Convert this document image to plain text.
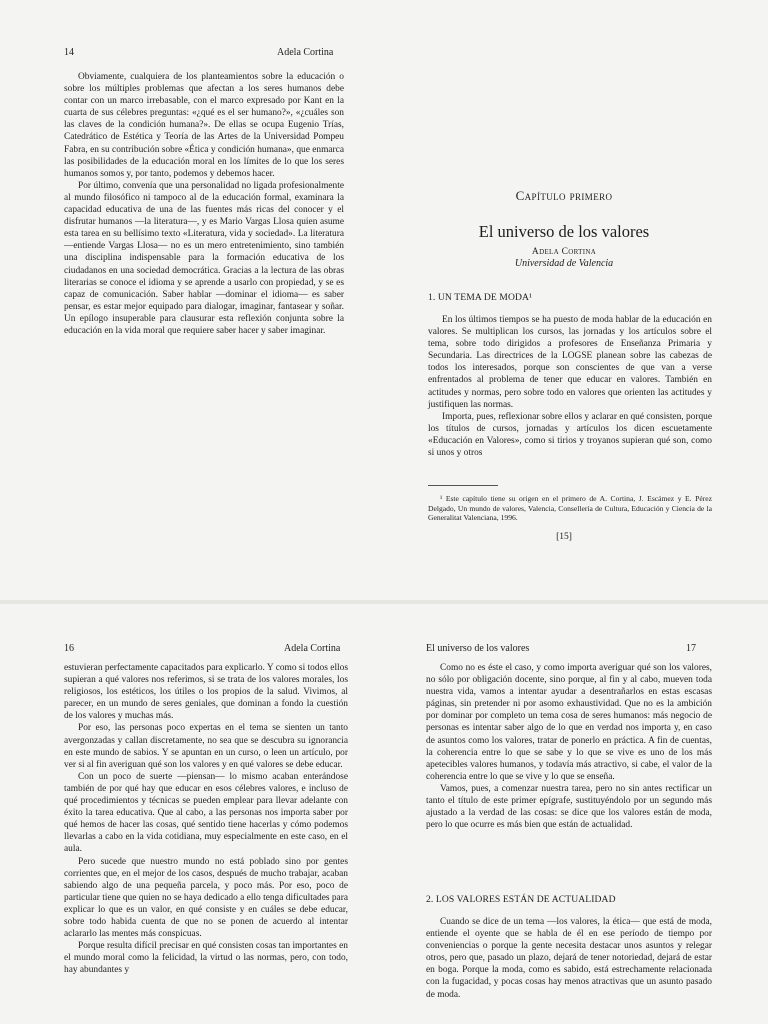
14	Adela Cortina
Obviamente, cualquiera de los planteamientos sobre la educación o sobre los múltiples problemas que afectan a los seres humanos debe contar con un marco irrebasable, con el marco expresado por Kant en la cuarta de sus célebres preguntas: «¿qué es el ser humano?», «¿cuáles son las claves de la condición humana?». De ellas se ocupa Eugenio Trías, Catedrático de Estética y Teoría de las Artes de la Universidad Pompeu Fabra, en su contribución sobre «Ética y condición humana», que enmarca las posibilidades de la educación moral en los límites de lo que los seres humanos somos y, por tanto, podemos y debemos hacer.
Por último, convenía que una personalidad no ligada profesionalmente al mundo filosófico ni tampoco al de la educación formal, examinara la capacidad educativa de una de las fuentes más ricas del conocer y el disfrutar humanos —la literatura—, y es Mario Vargas Llosa quien asume esta tarea en su bellísimo texto «Literatura, vida y sociedad». La literatura —entiende Vargas Llosa— no es un mero entretenimiento, sino también una disciplina indispensable para la formación educativa de los ciudadanos en una sociedad democrática. Gracias a la lectura de las obras literarias se conoce el idioma y se aprende a usarlo con propiedad, y se es capaz de comunicación. Saber hablar —dominar el idioma— es saber pensar, es estar mejor equipado para dialogar, imaginar, fantasear y soñar. Un epílogo insuperable para clausurar esta reflexión conjunta sobre la educación en la vida moral que requiere saber hacer y saber imaginar.
Capítulo primero
El universo de los valores
Adela Cortina
Universidad de Valencia
1. UN TEMA DE MODA¹
En los últimos tiempos se ha puesto de moda hablar de la educación en valores. Se multiplican los cursos, las jornadas y los artículos sobre el tema, sobre todo dirigidos a profesores de Enseñanza Primaria y Secundaria. Las directrices de la LOGSE planean sobre las cabezas de todos los interesados, porque son conscientes de que van a verse enfrentados al problema de tener que educar en valores. También en actitudes y normas, pero sobre todo en valores que orienten las actitudes y justifiquen las normas.
Importa, pues, reflexionar sobre ellos y aclarar en qué consisten, porque los títulos de cursos, jornadas y artículos los dicen escuetamente «Educación en Valores», como si tirios y troyanos supieran qué son, como si unos y otros
¹ Este capítulo tiene su origen en el primero de A. Cortina, J. Escámez y E. Pérez Delgado, Un mundo de valores, Valencia, Consellería de Cultura, Educación y Ciencia de la Generalitat Valenciana, 1996.
[15]
16	Adela Cortina
estuvieran perfectamente capacitados para explicarlo. Y como si todos ellos supieran a qué valores nos referimos, si se trata de los valores morales, los religiosos, los estéticos, los útiles o los propios de la salud. Vivimos, al parecer, en un mundo de seres geniales, que dominan a fondo la cuestión de los valores y muchas más.
Por eso, las personas poco expertas en el tema se sienten un tanto avergonzadas y callan discretamente, no sea que se descubra su ignorancia en este mundo de sabios. Y se apuntan en un curso, o leen un artículo, por ver si al fin averiguan qué son los valores y en qué valores se debe educar.
Con un poco de suerte —piensan— lo mismo acaban enterándose también de por qué hay que educar en esos célebres valores, e incluso de qué procedimientos y técnicas se pueden emplear para llevar adelante con éxito la tarea educativa. Que al cabo, a las personas nos importa saber por qué hemos de hacer las cosas, qué sentido tiene hacerlas y cómo podemos llevarlas a cabo en la vida cotidiana, muy especialmente en este caso, en el aula.
Pero sucede que nuestro mundo no está poblado sino por gentes corrientes que, en el mejor de los casos, después de mucho trabajar, acaban sabiendo algo de una pequeña parcela, y poco más. Por eso, poco de particular tiene que quien no se haya dedicado a ello tenga dificultades para explicar lo que es un valor, en qué consiste y en cuáles se debe educar, sobre todo habida cuenta de que no se ponen de acuerdo al intentar aclararlo las mentes más conspicuas.
Porque resulta difícil precisar en qué consisten cosas tan importantes en el mundo moral como la felicidad, la virtud o las normas, pero, con todo, hay abundantes y
El universo de los valores	17
Como no es éste el caso, y como importa averiguar qué son los valores, no sólo por obligación docente, sino porque, al fin y al cabo, mueven toda nuestra vida, vamos a intentar ayudar a desentrañarlos en estas escasas páginas, sin pretender ni por asomo exhaustividad. Que no es la ambición por dominar por completo un tema cosa de seres humanos: más negocio de personas es intentar saber algo de lo que en verdad nos importa y, en caso de asuntos como los valores, tratar de ponerlo en práctica. A fin de cuentas, la coherencia entre lo que se sabe y lo que se vive es uno de los más apetecibles valores humanos, y todavía más atractivo, si cabe, el valor de la coherencia entre lo que se vive y lo que se enseña.
Vamos, pues, a comenzar nuestra tarea, pero no sin antes rectificar un tanto el título de este primer epígrafe, sustituyéndolo por un segundo más ajustado a la verdad de las cosas: se dice que los valores están de moda, pero lo que ocurre es más bien que están de actualidad.
2. LOS VALORES ESTÁN DE ACTUALIDAD
Cuando se dice de un tema —los valores, la ética— que está de moda, entiende el oyente que se habla de él en ese período de tiempo por conveniencias o porque la gente necesita destacar unos asuntos y relegar otros, pero que, pasado un plazo, dejará de tener notoriedad, dejará de estar en boga. Porque la moda, como es sabido, está estrechamente relacionada con la fugacidad, y pocas cosas hay menos atractivas que un asunto pasado de moda.
